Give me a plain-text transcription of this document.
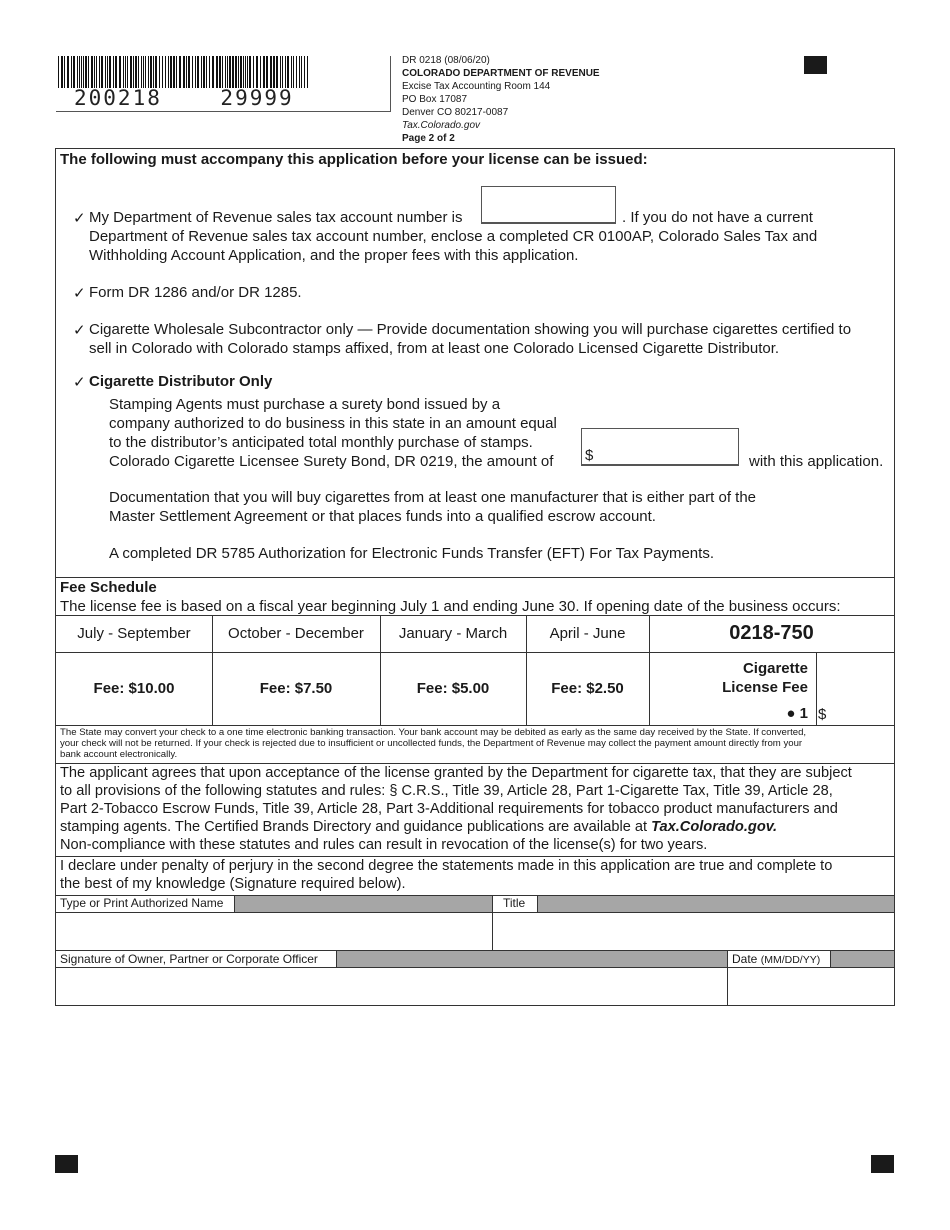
200218    29999
DR 0218 (08/06/20)
COLORADO DEPARTMENT OF REVENUE
Excise Tax Accounting Room 144
PO Box 17087
Denver CO 80217-0087
Tax.Colorado.gov
Page 2 of 2
The following must accompany this application before your license can be issued:
✓ My Department of Revenue sales tax account number is	. If you do not have a current
Department of Revenue sales tax account number, enclose a completed CR 0100AP, Colorado Sales Tax and
Withholding Account Application, and the proper fees with this application.
✓ Form DR 1286 and/or DR 1285.
✓ Cigarette Wholesale Subcontractor only — Provide documentation showing you will purchase cigarettes certified to
sell in Colorado with Colorado stamps affixed, from at least one Colorado Licensed Cigarette Distributor.
✓ Cigarette Distributor Only
Stamping Agents must purchase a surety bond issued by a
company authorized to do business in this state in an amount equal
to the distributor’s anticipated total monthly purchase of stamps.
Colorado Cigarette Licensee Surety Bond, DR 0219, the amount of $	with this application.
Documentation that you will buy cigarettes from at least one manufacturer that is either part of the
Master Settlement Agreement or that places funds into a qualified escrow account.
A completed DR 5785 Authorization for Electronic Funds Transfer (EFT) For Tax Payments.
Fee Schedule
The license fee is based on a fiscal year beginning July 1 and ending June 30. If opening date of the business occurs:
July - September	October - December	January - March	April - June	0218-750
Fee: $10.00	Fee: $7.50	Fee: $5.00	Fee: $2.50
Cigarette
License Fee
● 1 $
The State may convert your check to a one time electronic banking transaction. Your bank account may be debited as early as the same day received by the State. If converted,
your check will not be returned. If your check is rejected due to insufficient or uncollected funds, the Department of Revenue may collect the payment amount directly from your
bank account electronically.
The applicant agrees that upon acceptance of the license granted by the Department for cigarette tax, that they are subject
to all provisions of the following statutes and rules: § C.R.S., Title 39, Article 28, Part 1-Cigarette Tax, Title 39, Article 28,
Part 2-Tobacco Escrow Funds, Title 39, Article 28, Part 3-Additional requirements for tobacco product manufacturers and
stamping agents. The Certified Brands Directory and guidance publications are available at Tax.Colorado.gov.
Non-compliance with these statutes and rules can result in revocation of the license(s) for two years.
I declare under penalty of perjury in the second degree the statements made in this application are true and complete to
the best of my knowledge (Signature required below).
Type or Print Authorized Name	Title
Signature of Owner, Partner or Corporate Officer	Date (MM/DD/YY)
